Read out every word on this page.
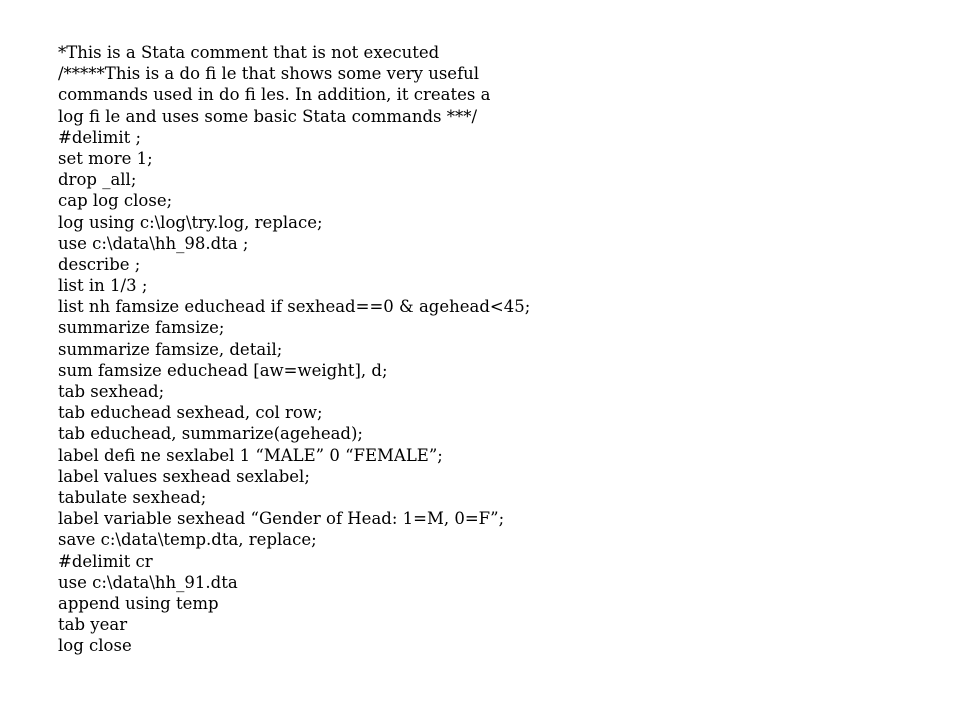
*This is a Stata comment that is not executed
/*****This is a do fi le that shows some very useful
commands used in do fi les. In addition, it creates a
log fi le and uses some basic Stata commands ***/
#delimit ;
set more 1;
drop _all;
cap log close;
log using c:\log\try.log, replace;
use c:\data\hh_98.dta ;
describe ;
list in 1/3 ;
list nh famsize educhead if sexhead==0 & agehead<45;
summarize famsize;
summarize famsize, detail;
sum famsize educhead [aw=weight], d;
tab sexhead;
tab educhead sexhead, col row;
tab educhead, summarize(agehead);
label defi ne sexlabel 1 “MALE” 0 “FEMALE”;
label values sexhead sexlabel;
tabulate sexhead;
label variable sexhead “Gender of Head: 1=M, 0=F”;
save c:\data\temp.dta, replace;
#delimit cr
use c:\data\hh_91.dta
append using temp
tab year
log close
